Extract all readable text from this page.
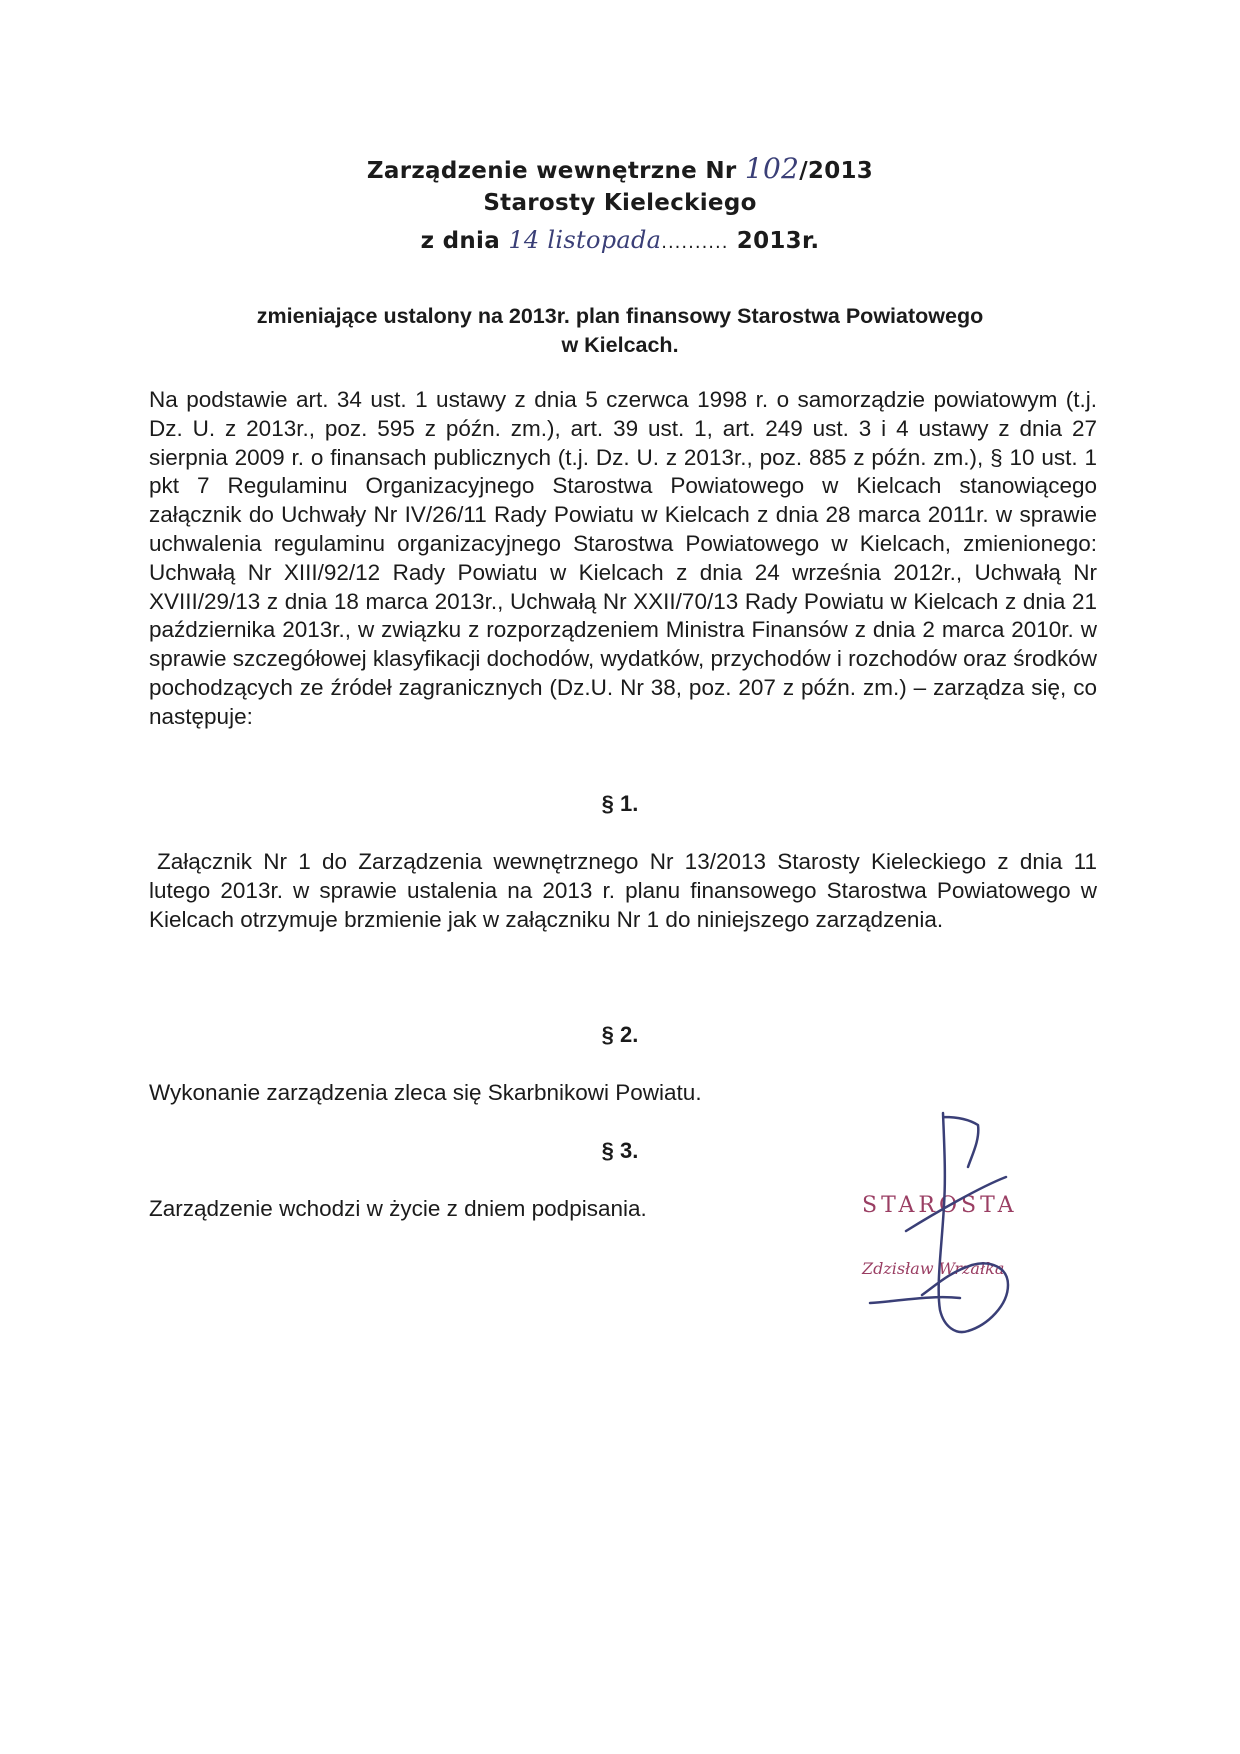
Zarządzenie wewnętrzne Nr 102/2013
Starosty Kieleckiego
z dnia 14 listopada.......... 2013r.
zmieniające ustalony na 2013r. plan finansowy Starostwa Powiatowego
w Kielcach.
Na podstawie art. 34 ust. 1 ustawy z dnia 5 czerwca 1998 r. o samorządzie powiatowym (t.j. Dz. U. z 2013r., poz. 595 z późn. zm.), art. 39 ust. 1, art. 249 ust. 3 i 4 ustawy z dnia 27 sierpnia 2009 r. o finansach publicznych (t.j. Dz. U. z 2013r., poz. 885 z późn. zm.), § 10 ust. 1 pkt 7 Regulaminu Organizacyjnego Starostwa Powiatowego w Kielcach stanowiącego załącznik do Uchwały Nr IV/26/11 Rady Powiatu w Kielcach z dnia 28 marca 2011r. w sprawie uchwalenia regulaminu organizacyjnego Starostwa Powiatowego w Kielcach, zmienionego: Uchwałą Nr XIII/92/12 Rady Powiatu w Kielcach z dnia 24 września 2012r., Uchwałą Nr XVIII/29/13 z dnia 18 marca 2013r., Uchwałą Nr XXII/70/13 Rady Powiatu w Kielcach z dnia 21 października 2013r., w związku z rozporządzeniem Ministra Finansów z dnia 2 marca 2010r. w sprawie szczegółowej klasyfikacji dochodów, wydatków, przychodów i rozchodów oraz środków pochodzących ze źródeł zagranicznych (Dz.U. Nr 38, poz. 207 z późn. zm.) – zarządza się, co następuje:
§ 1.
Załącznik Nr 1 do Zarządzenia wewnętrznego Nr 13/2013 Starosty Kieleckiego z dnia 11 lutego 2013r. w sprawie ustalenia na 2013 r. planu finansowego Starostwa Powiatowego w Kielcach otrzymuje brzmienie jak w załączniku Nr 1 do niniejszego zarządzenia.
§ 2.
Wykonanie zarządzenia zleca się Skarbnikowi Powiatu.
§ 3.
Zarządzenie wchodzi w życie z dniem podpisania.	STAROSTA
Zdzisław Wrzałka
